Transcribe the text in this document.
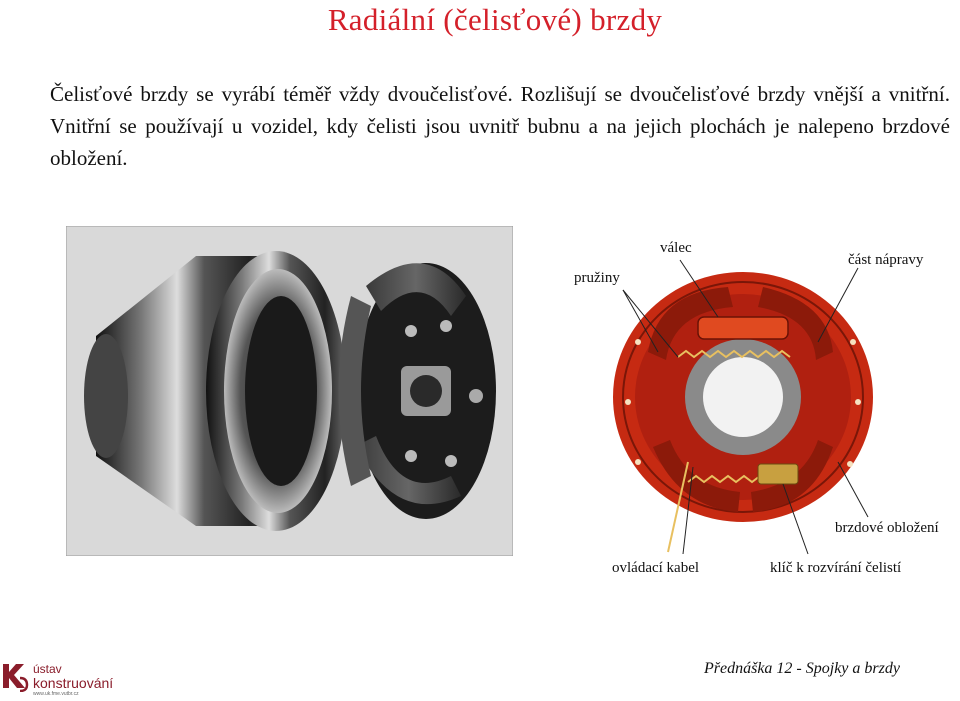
Radiální (čelisťové) brzdy
Čelisťové brzdy se vyrábí téměř vždy dvoučelisťové. Rozlišují se dvoučelisťové brzdy vnější a vnitřní. Vnitřní se používají u vozidel, kdy čelisti jsou uvnitř bubnu a na jejich plochách je nalepeno brzdové obložení.
pružiny
válec
část nápravy
brzdové obložení
ovládací kabel	klíč k rozvírání čelistí
ústav
konstruování
www.uk.fme.vutbr.cz
Přednáška 12 - Spojky a brzdy
